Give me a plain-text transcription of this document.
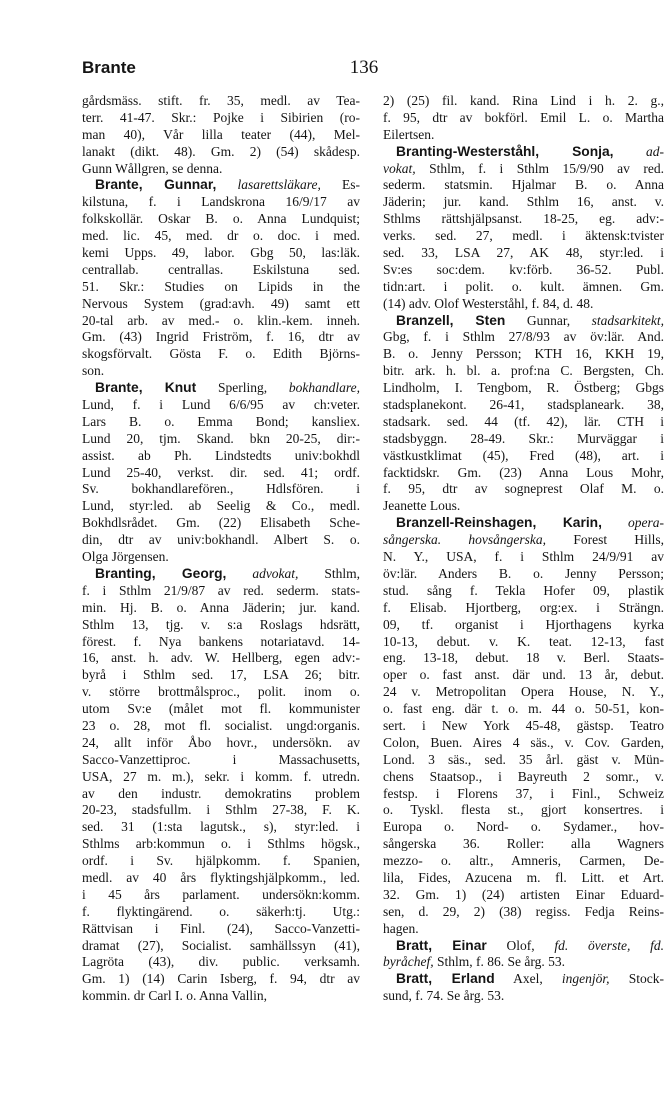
Brante	136
gårdsmäss. stift. fr. 35, medl. av Tea-
terr. 41-47. Skr.: Pojke i Sibirien (ro-
man 40), Vår lilla teater (44), Mel-
lanakt (dikt. 48). Gm. 2) (54) skådesp.
Gunn Wållgren, se denna.
Brante, Gunnar, lasarettsläkare, Es-
kilstuna, f. i Landskrona 16/9/17 av
folkskollär. Oskar B. o. Anna Lundquist;
med. lic. 45, med. dr o. doc. i med.
kemi Upps. 49, labor. Gbg 50, las:läk.
centrallab. centrallas. Eskilstuna sed.
51. Skr.: Studies on Lipids in the
Nervous System (grad:avh. 49) samt ett
20-tal arb. av med.- o. klin.-kem. inneh.
Gm. (43) Ingrid Friström, f. 16, dtr av
skogsförvalt. Gösta F. o. Edith Björns-
son.
Brante, Knut Sperling, bokhandlare,
Lund, f. i Lund 6/6/95 av ch:veter.
Lars B. o. Emma Bond; kansliex.
Lund 20, tjm. Skand. bkn 20-25, dir:-
assist. ab Ph. Lindstedts univ:bokhdl
Lund 25-40, verkst. dir. sed. 41; ordf.
Sv. bokhandlarefören., Hdlsfören. i
Lund, styr:led. ab Seelig & Co., medl.
Bokhdlsrådet. Gm. (22) Elisabeth Sche-
din, dtr av univ:bokhandl. Albert S. o.
Olga Jörgensen.
Branting, Georg, advokat, Sthlm,
f. i Sthlm 21/9/87 av red. sederm. stats-
min. Hj. B. o. Anna Jäderin; jur. kand.
Sthlm 13, tjg. v. s:a Roslags hdsrätt,
förest. f. Nya bankens notariatavd. 14-
16, anst. h. adv. W. Hellberg, egen adv:-
byrå i Sthlm sed. 17, LSA 26; bitr.
v. större brottmålsproc., polit. inom o.
utom Sv:e (målet mot fl. kommunister
23 o. 28, mot fl. socialist. ungd:organis.
24, allt inför Åbo hovr., undersökn. av
Sacco-Vanzettiproc. i Massachusetts,
USA, 27 m. m.), sekr. i komm. f. utredn.
av den industr. demokratins problem
20-23, stadsfullm. i Sthlm 27-38, F. K.
sed. 31 (1:sta lagutsk., s), styr:led. i
Sthlms arb:kommun o. i Sthlms högsk.,
ordf. i Sv. hjälpkomm. f. Spanien,
medl. av 40 års flyktingshjälpkomm., led.
i 45 års parlament. undersökn:komm.
f. flyktingärend. o. säkerh:tj. Utg.:
Rättvisan i Finl. (24), Sacco-Vanzetti-
dramat (27), Socialist. samhällssyn (41),
Lagröta (43), div. public. verksamh.
Gm. 1) (14) Carin Isberg, f. 94, dtr av
kommin. dr Carl I. o. Anna Vallin,
2) (25) fil. kand. Rina Lind i h. 2. g.,
f. 95, dtr av bokförl. Emil L. o. Martha
Eilertsen.
Branting-Westerståhl, Sonja, ad-
vokat, Sthlm, f. i Sthlm 15/9/90 av red.
sederm. statsmin. Hjalmar B. o. Anna
Jäderin; jur. kand. Sthlm 16, anst. v.
Sthlms rättshjälpsanst. 18-25, eg. adv:-
verks. sed. 27, medl. i äktensk:tvister
sed. 33, LSA 27, AK 48, styr:led. i
Sv:es soc:dem. kv:förb. 36-52. Publ.
tidn:art. i polit. o. kult. ämnen. Gm.
(14) adv. Olof Westerståhl, f. 84, d. 48.
Branzell, Sten Gunnar, stadsarkitekt,
Gbg, f. i Sthlm 27/8/93 av öv:lär. And.
B. o. Jenny Persson; KTH 16, KKH 19,
bitr. ark. h. bl. a. prof:na C. Bergsten, Ch.
Lindholm, I. Tengbom, R. Östberg; Gbgs
stadsplanekont. 26-41, stadsplaneark. 38,
stadsark. sed. 44 (tf. 42), lär. CTH i
stadsbyggn. 28-49. Skr.: Murväggar i
västkustklimat (45), Fred (48), art. i
facktidskr. Gm. (23) Anna Lous Mohr,
f. 95, dtr av sogneprest Olaf M. o.
Jeanette Lous.
Branzell-Reinshagen, Karin, opera-
sångerska. hovsångerska, Forest Hills,
N. Y., USA, f. i Sthlm 24/9/91 av
öv:lär. Anders B. o. Jenny Persson;
stud. sång f. Tekla Hofer 09, plastik
f. Elisab. Hjortberg, org:ex. i Strängn.
09, tf. organist i Hjorthagens kyrka
10-13, debut. v. K. teat. 12-13, fast
eng. 13-18, debut. 18 v. Berl. Staats-
oper o. fast anst. där und. 13 år, debut.
24 v. Metropolitan Opera House, N. Y.,
o. fast eng. där t. o. m. 44 o. 50-51, kon-
sert. i New York 45-48, gästsp. Teatro
Colon, Buen. Aires 4 säs., v. Cov. Garden,
Lond. 3 säs., sed. 35 årl. gäst v. Mün-
chens Staatsop., i Bayreuth 2 somr., v.
festsp. i Florens 37, i Finl., Schweiz
o. Tyskl. flesta st., gjort konsertres. i
Europa o. Nord- o. Sydamer., hov-
sångerska 36. Roller: alla Wagners
mezzo- o. altr., Amneris, Carmen, De-
lila, Fides, Azucena m. fl. Litt. et Art.
32. Gm. 1) (24) artisten Einar Eduard-
sen, d. 29, 2) (38) regiss. Fedja Reins-
hagen.
Bratt, Einar Olof, fd. överste, fd.
byråchef, Sthlm, f. 86. Se årg. 53.
Bratt, Erland Axel, ingenjör, Stock-
sund, f. 74. Se årg. 53.
